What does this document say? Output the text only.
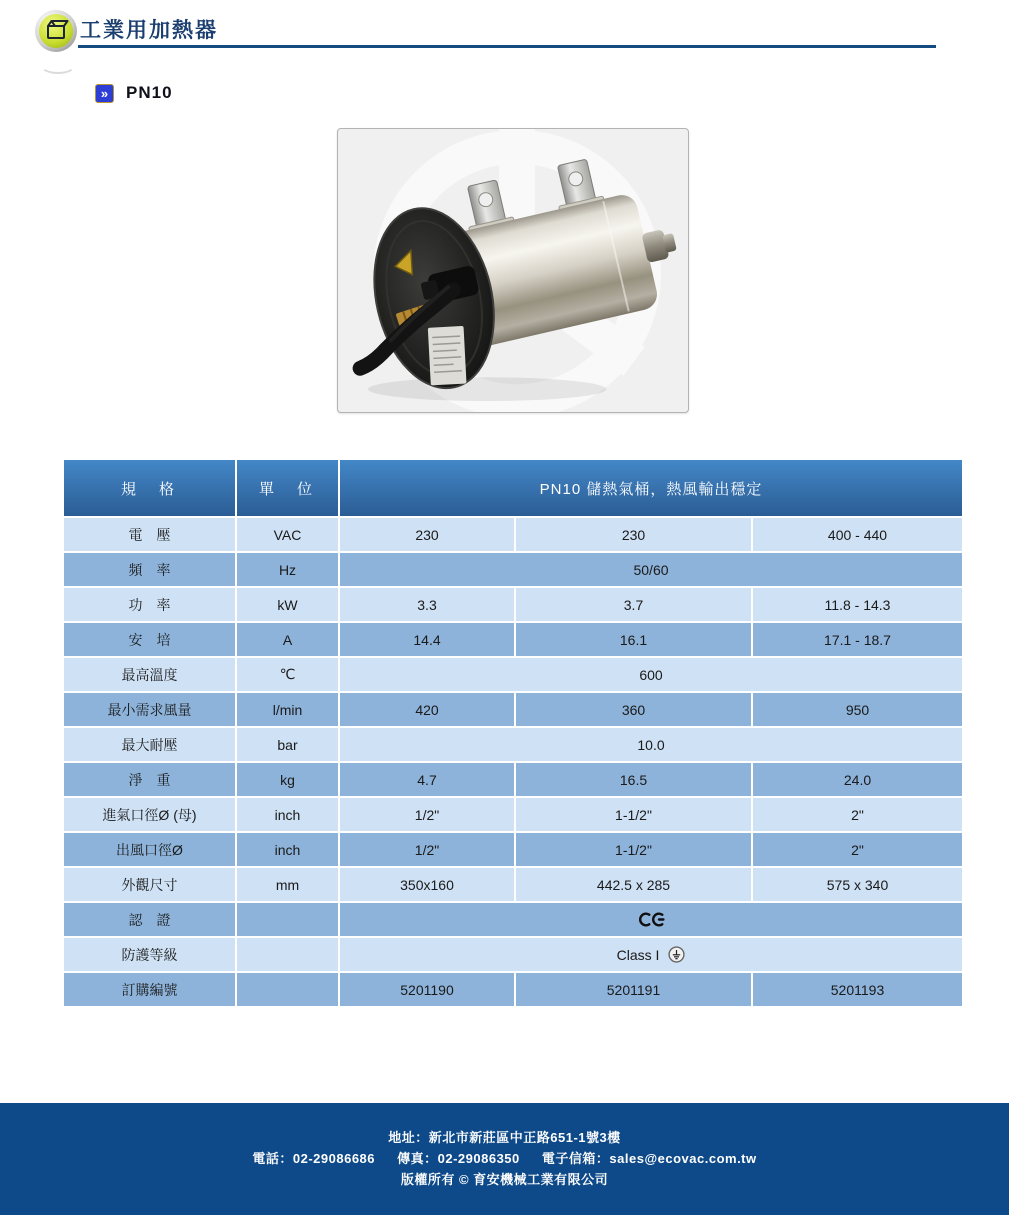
工業用加熱器
» PN10
規　格	單　位	PN10 儲熱氣桶，熱風輸出穩定		
電　壓	VAC	230	230	400 - 440
頻　率	Hz	50/60		
功　率	kW	3.3	3.7	11.8 - 14.3
安　培	A	14.4	16.1	17.1 - 18.7
最高溫度	℃	600		
最小需求風量	l/min	420	360	950
最大耐壓	bar	10.0		
淨　重	kg	4.7	16.5	24.0
進氣口徑Ø (母)	inch	1/2"	1-1/2"	2"
出風口徑Ø	inch	1/2"	1-1/2"	2"
外觀尺寸	mm	350x160	442.5 x 285	575 x 340
認　證		
防護等級		Class I		
訂購編號		5201190	5201191	5201193
地址：新北市新莊區中正路651-1號3樓
電話：02-29086686 傳真：02-29086350 電子信箱：sales@ecovac.com.tw
版權所有 © 育安機械工業有限公司
